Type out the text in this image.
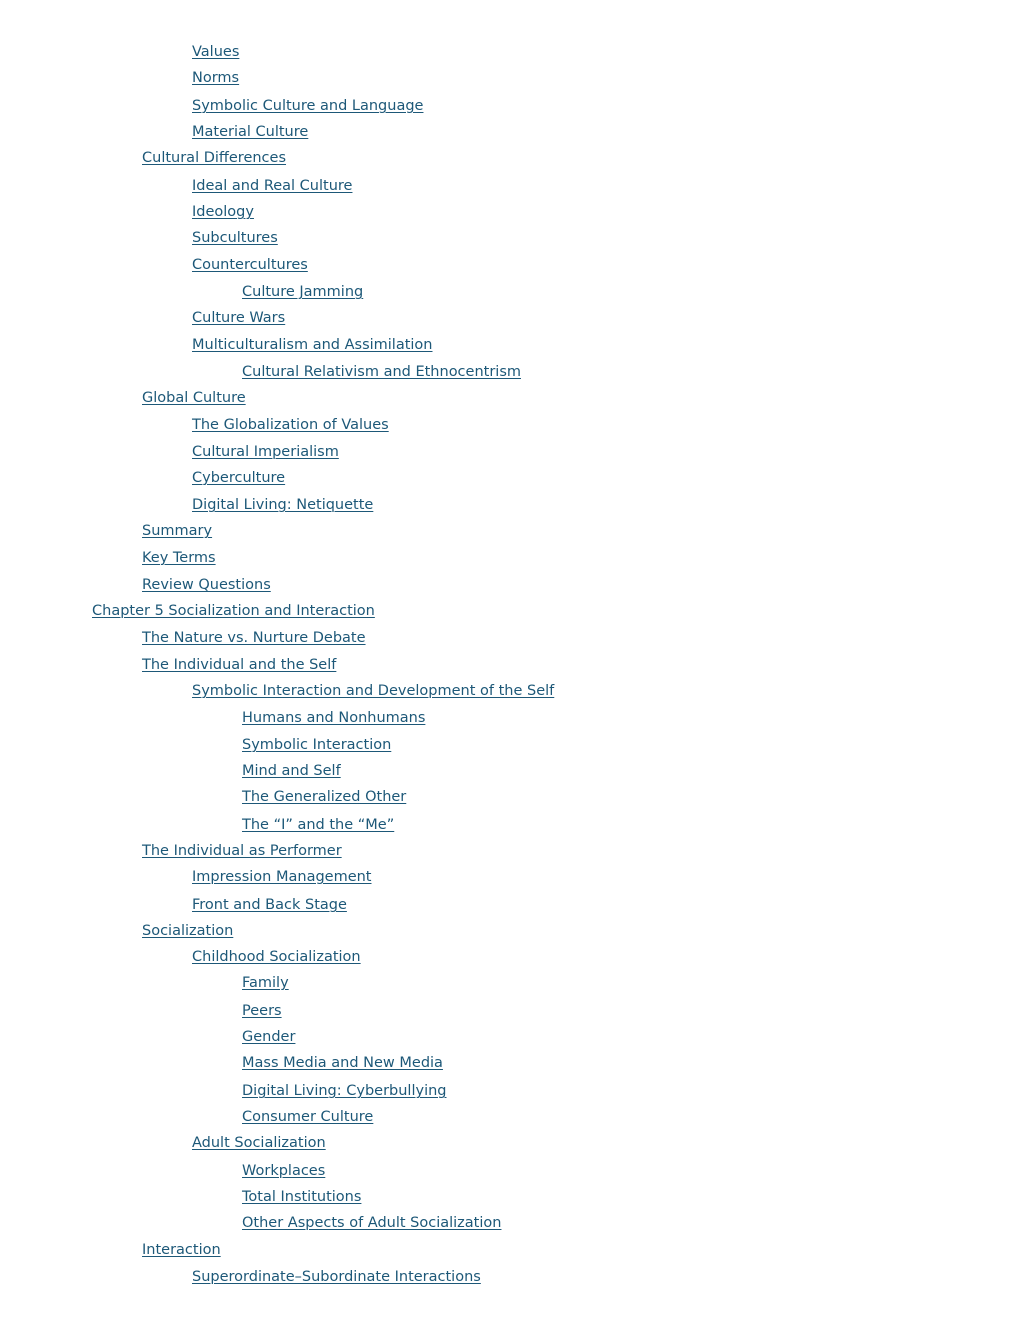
Values
Norms
Symbolic Culture and Language
Material Culture
Cultural Differences
Ideal and Real Culture
Ideology
Subcultures
Countercultures
Culture Jamming
Culture Wars
Multiculturalism and Assimilation
Cultural Relativism and Ethnocentrism
Global Culture
The Globalization of Values
Cultural Imperialism
Cyberculture
Digital Living: Netiquette
Summary
Key Terms
Review Questions
Chapter 5 Socialization and Interaction
The Nature vs. Nurture Debate
The Individual and the Self
Symbolic Interaction and Development of the Self
Humans and Nonhumans
Symbolic Interaction
Mind and Self
The Generalized Other
The “I” and the “Me”
The Individual as Performer
Impression Management
Front and Back Stage
Socialization
Childhood Socialization
Family
Peers
Gender
Mass Media and New Media
Digital Living: Cyberbullying
Consumer Culture
Adult Socialization
Workplaces
Total Institutions
Other Aspects of Adult Socialization
Interaction
Superordinate–Subordinate Interactions
